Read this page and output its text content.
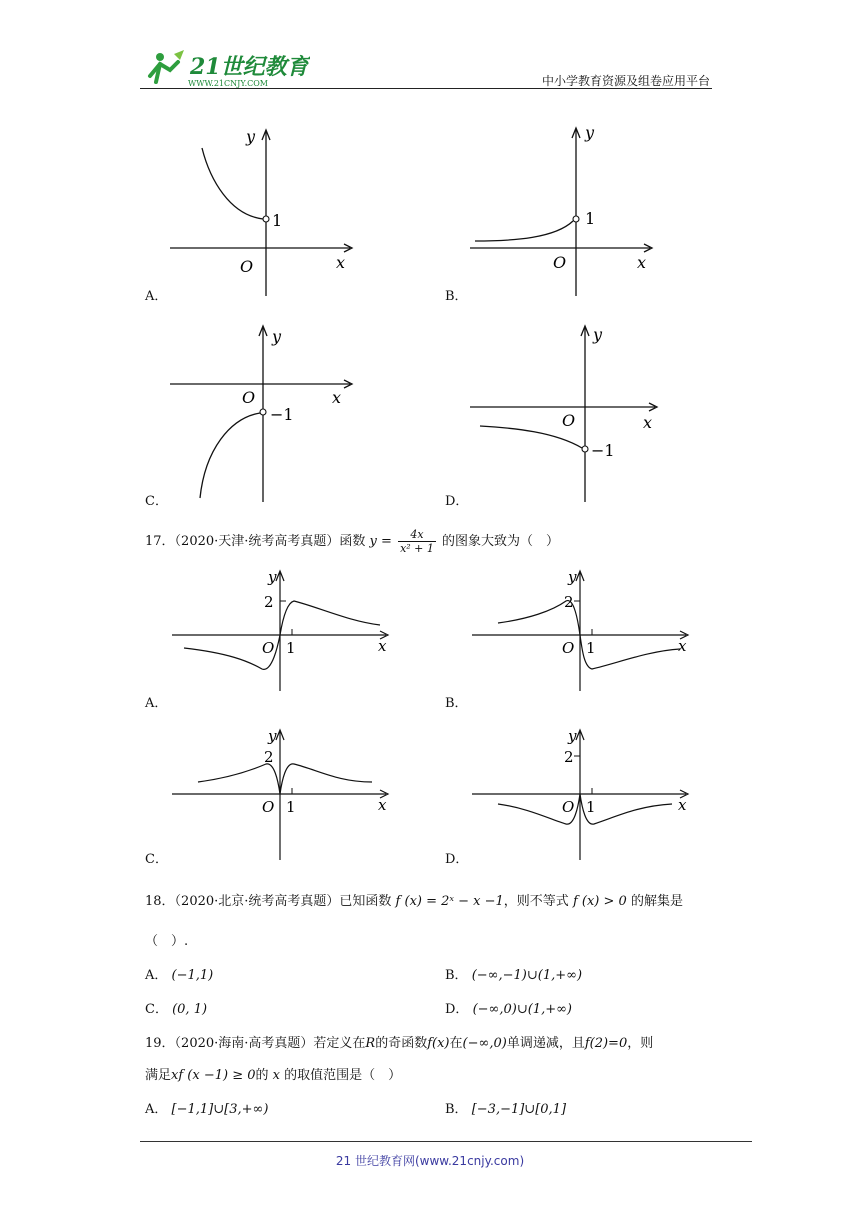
21世纪教育
WWW.21CNJY.COM	中小学教育资源及组卷应用平台
y
x
O
1
A．
y
x
O
1
B．
y
x
O
−1
C．
y
x
O
−1
D．
17．（2020·天津·统考高考真题）函数 $y = \frac{4x}{\text{x² + 1}}$ 的图象大致为（　）
y
2
1
O	x
A．
y
2
1
O	x
B．
y
2
1
O	x
C．
y
2
1
O	x
D．
18．（2020·北京·统考高考真题）已知函数 f (x) = 2ˣ − x −1，则不等式 f (x) > 0 的解集是
（　）.
A． (−1,1)	B． (−∞,−1)∪(1,+∞)
C． (0, 1)	D． (−∞,0)∪(1,+∞)
19．（2020·海南·高考真题）若定义在R的奇函数f(x)在(−∞,0)单调递减，且f(2)=0，则
满足xf (x −1) ≥ 0的 x 的取值范围是（　）
A． [−1,1]∪[3,+∞)	B． [−3,−1]∪[0,1]
21 世纪教育网(www.21cnjy.com)
